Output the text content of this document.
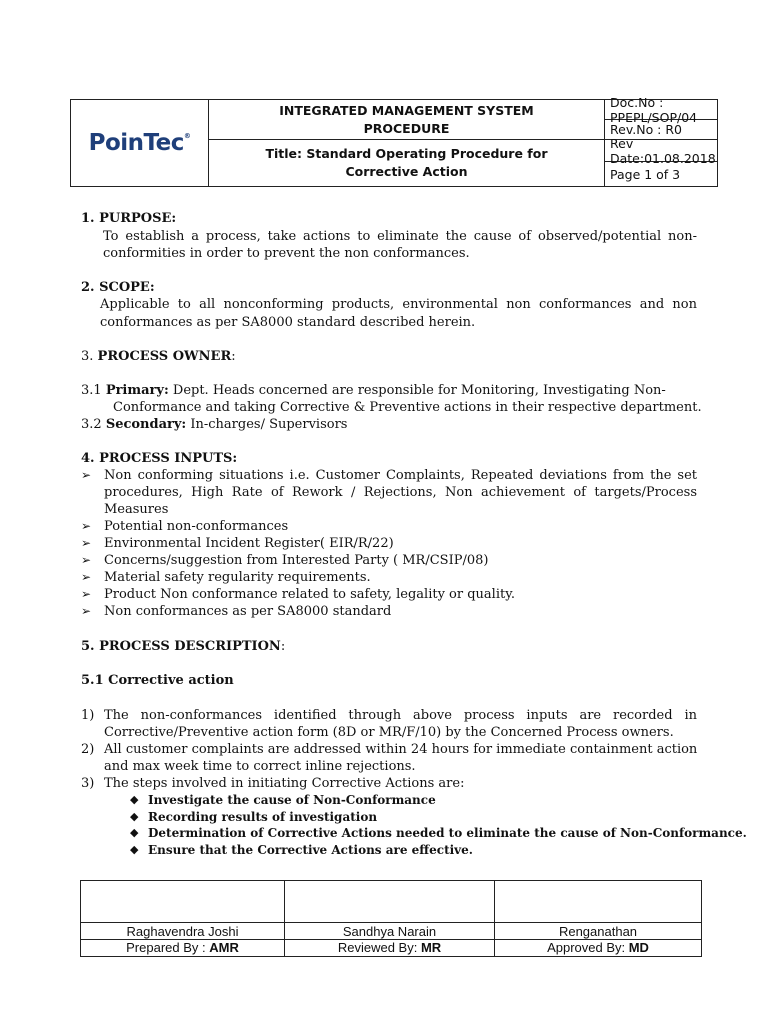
PoinTec®
INTEGRATED MANAGEMENT SYSTEM
PROCEDURE
Title: Standard Operating Procedure for
Corrective Action
Doc.No : PPEPL/SOP/04
Rev.No : R0
Rev Date:01.08.2018
Page 1 of 3
1. PURPOSE:
To establish a process, take actions to eliminate the cause of observed/potential non-
conformities in order to prevent the non conformances.
2. SCOPE:
Applicable to all nonconforming products, environmental non conformances and non
conformances as per SA8000 standard described herein.
3. PROCESS OWNER:
3.1 Primary: Dept. Heads concerned are responsible for Monitoring, Investigating Non-
Conformance and taking Corrective & Preventive actions in their respective department.
3.2 Secondary: In-charges/ Supervisors
4. PROCESS INPUTS:
➢ Non conforming situations i.e. Customer Complaints, Repeated deviations from the set
procedures, High Rate of Rework / Rejections, Non achievement of targets/Process
Measures
➢ Potential non-conformances
➢ Environmental Incident Register( EIR/R/22)
➢ Concerns/suggestion from Interested Party ( MR/CSIP/08)
➢ Material safety regularity requirements.
➢ Product Non conformance related to safety, legality or quality.
➢ Non conformances as per SA8000 standard
5. PROCESS DESCRIPTION:
5.1 Corrective action
1) The non-conformances identified through above process inputs are recorded in
Corrective/Preventive action form (8D or MR/F/10) by the Concerned Process owners.
2) All customer complaints are addressed within 24 hours for immediate containment action
and max week time to correct inline rejections.
3) The steps involved in initiating Corrective Actions are:
◆ Investigate the cause of Non-Conformance
◆ Recording results of investigation
◆ Determination of Corrective Actions needed to eliminate the cause of Non-Conformance.
◆ Ensure that the Corrective Actions are effective.
Raghavendra Joshi
Prepared By : AMR
Sandhya Narain
Reviewed By: MR
Renganathan
Approved By: MD
